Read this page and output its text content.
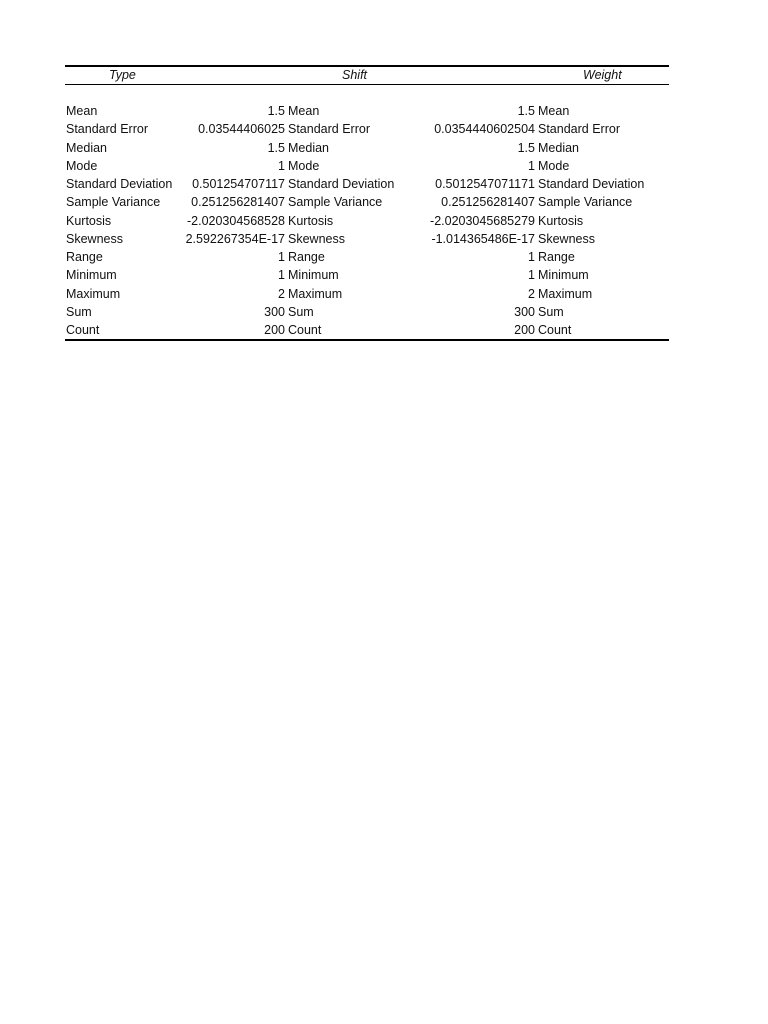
Type	Shift	Weight
Mean	1.5 Mean	1.5 Mean
Standard Error	0.03544406025 Standard Error	0.0354440602504 Standard Error
Median	1.5 Median	1.5 Median
Mode	1 Mode	1 Mode
Standard Deviation 0.501254707117 Standard Deviation	0.5012547071171 Standard Deviation
Sample Variance 0.251256281407 Sample Variance	0.251256281407 Sample Variance
Kurtosis	-2.020304568528 Kurtosis	-2.0203045685279 Kurtosis
Skewness	2.592267354E-17 Skewness	-1.014365486E-17 Skewness
Range	1 Range	1 Range
Minimum	1 Minimum	1 Minimum
Maximum	2 Maximum	2 Maximum
Sum	300 Sum	300 Sum
Count	200 Count	200 Count
